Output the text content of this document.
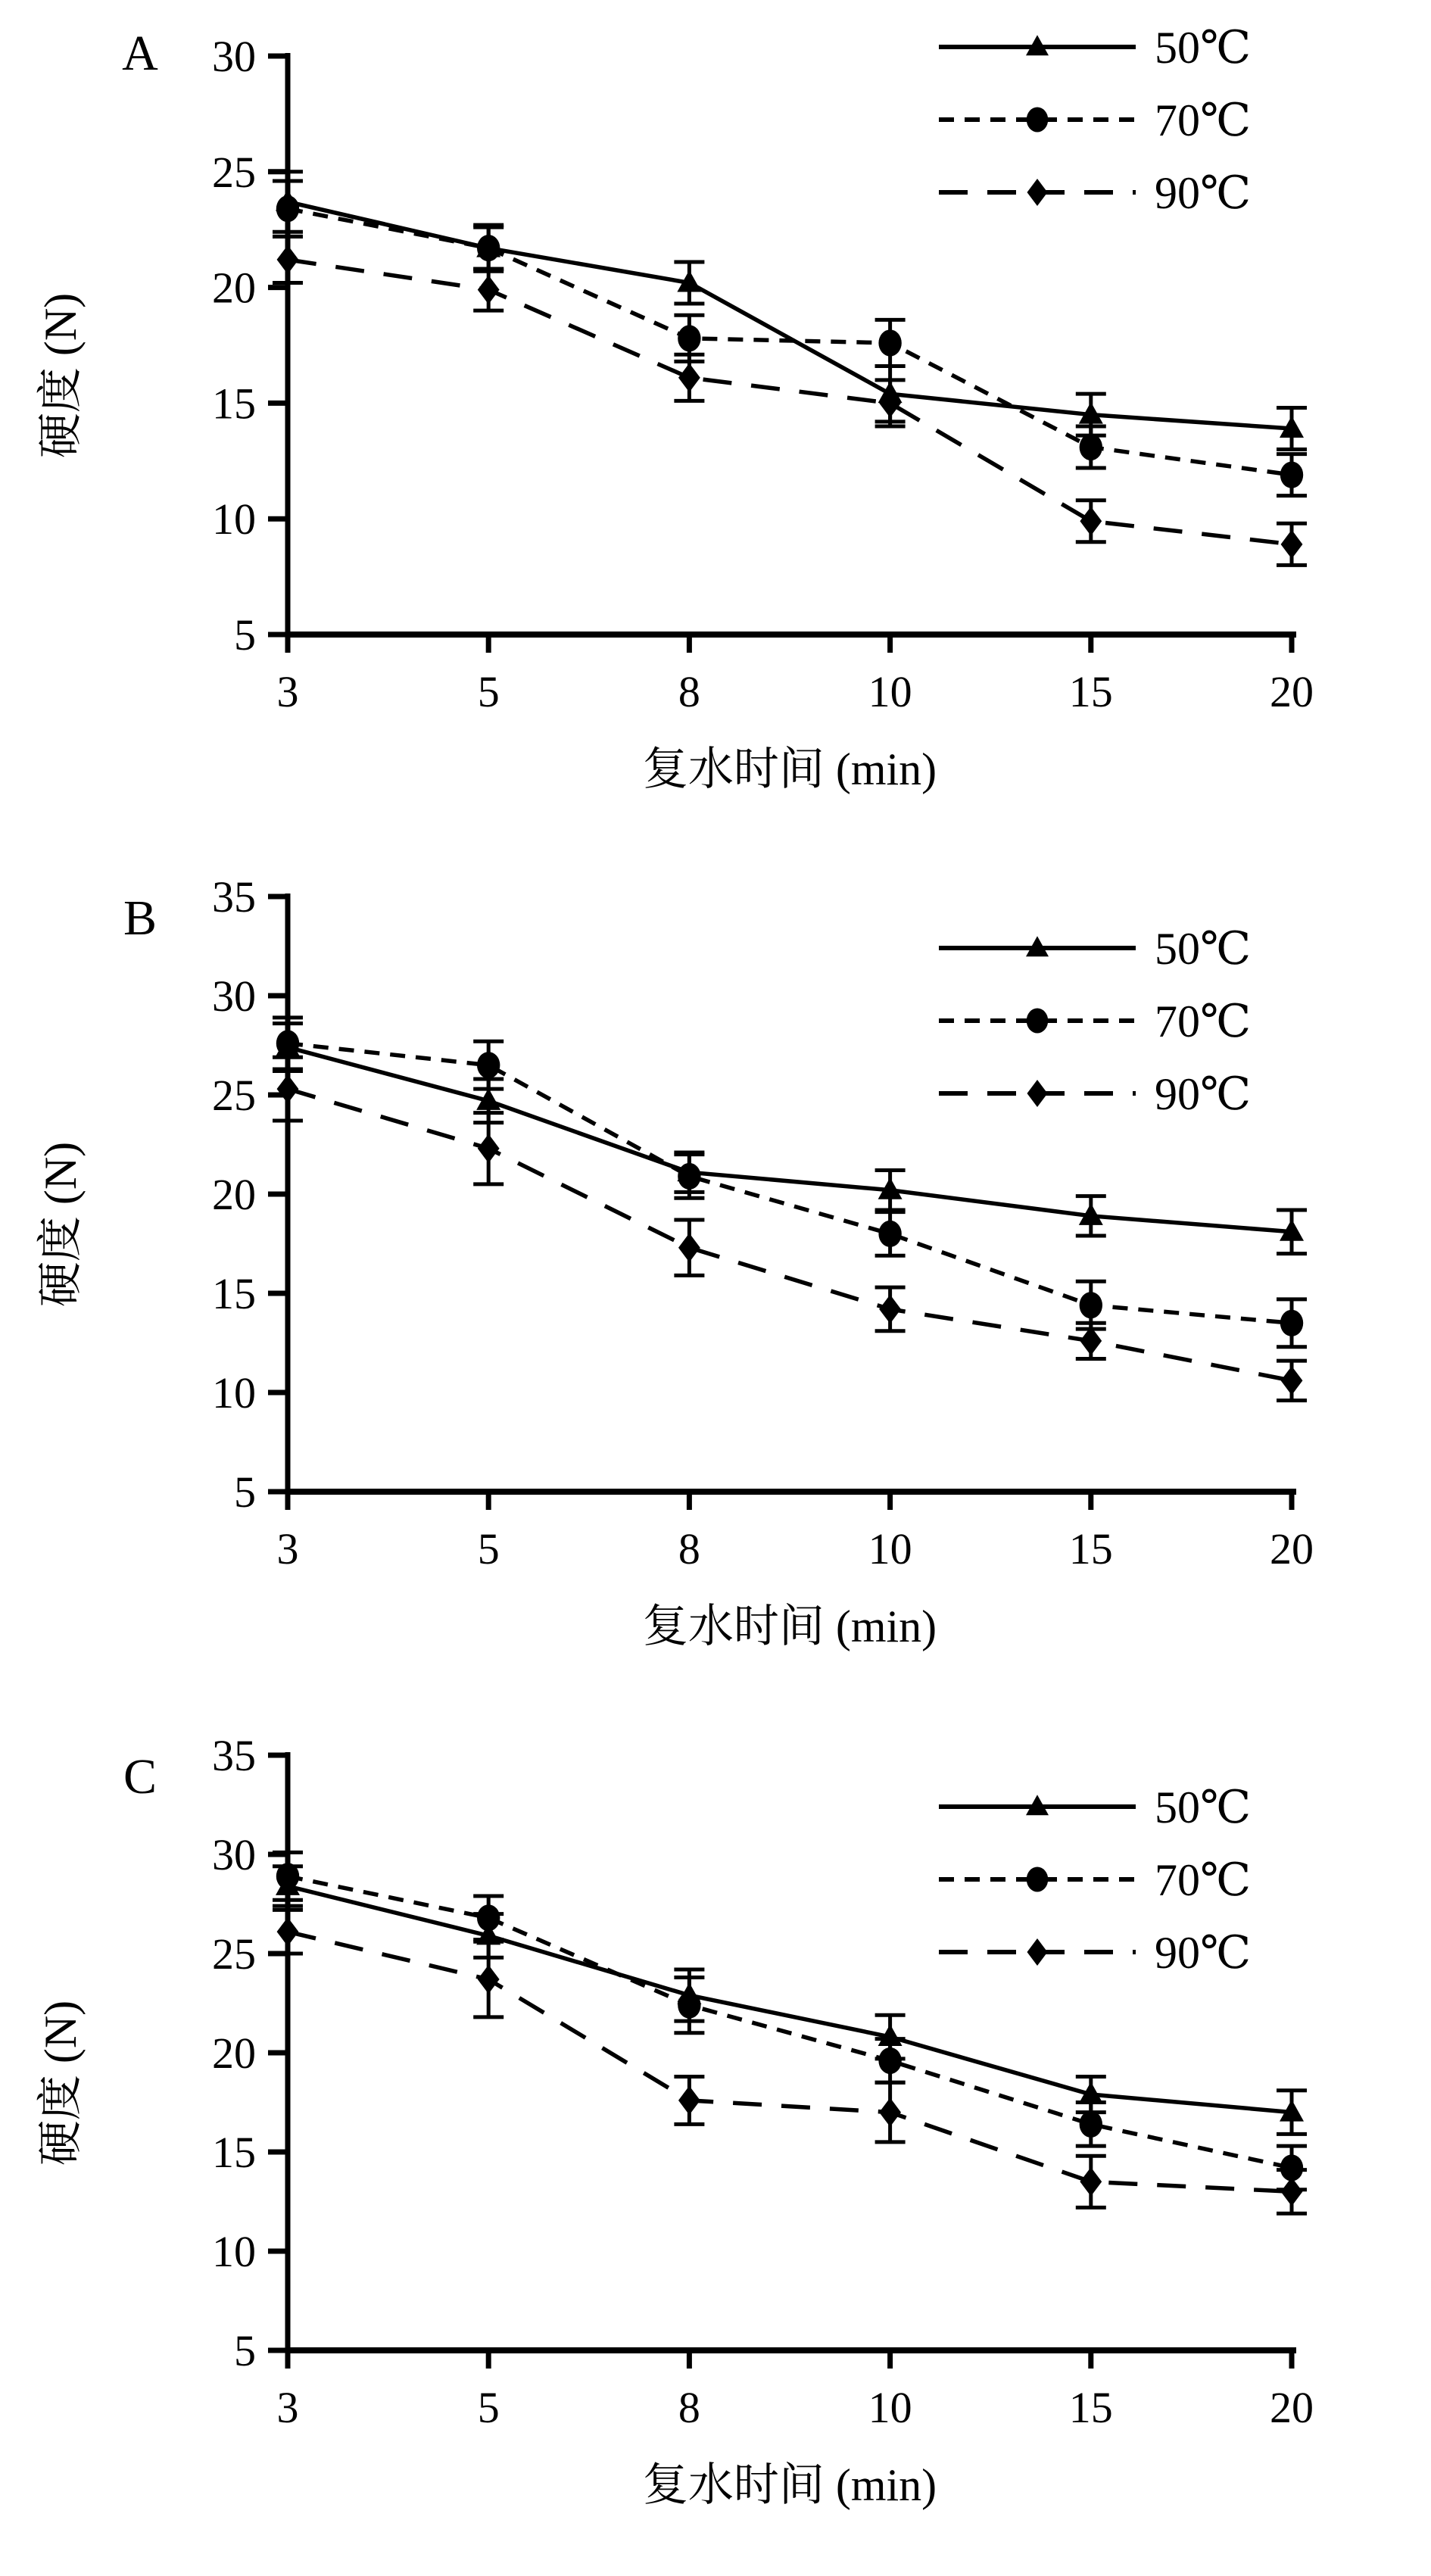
5
10
15
20
25
30
3	5	8	10	15	20
复水时间 (min)
硬度 (N)
A	50℃
70℃
90℃
5
10
15
20
25
30
35
3	5	8	10	15	20
复水时间 (min)
硬度 (N)
B
50℃
70℃
90℃
5
10
15
20
25
30
35
3	5	8	10	15	20
复水时间 (min)
硬度 (N)
C
50℃
70℃
90℃
